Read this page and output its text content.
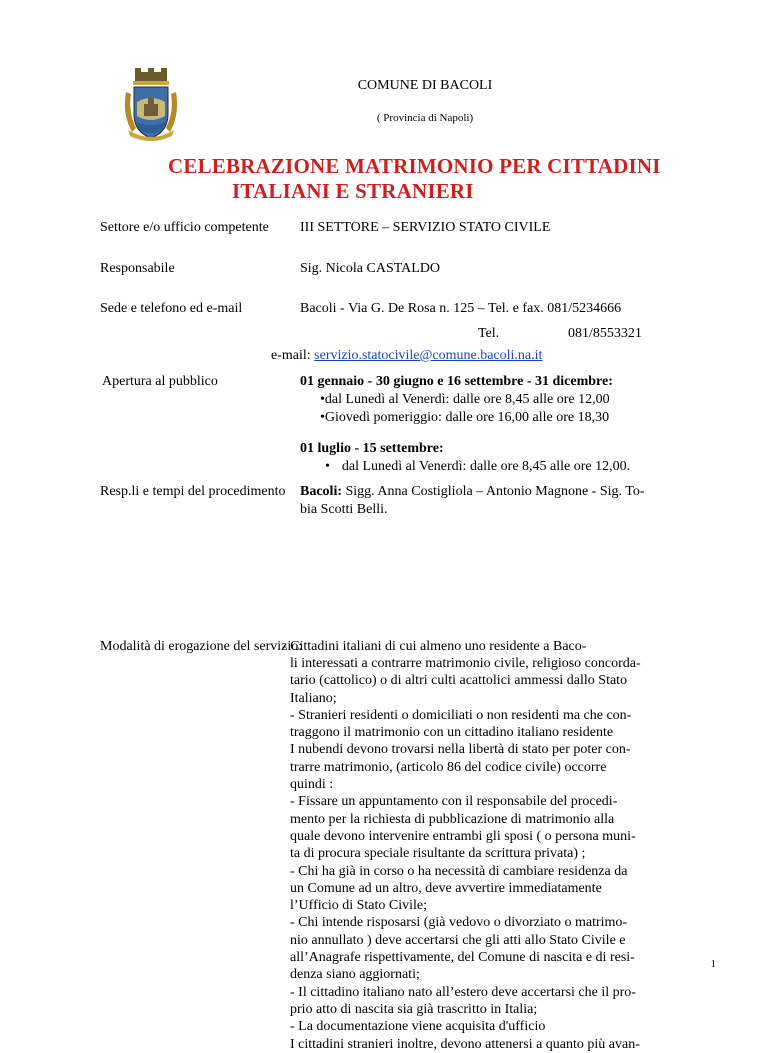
COMUNE DI BACOLI
( Provincia di Napoli)
CELEBRAZIONE MATRIMONIO PER CITTADINI
ITALIANI E STRANIERI
Settore e/o ufficio competente III SETTORE – SERVIZIO STATO CIVILE
Responsabile	Sig. Nicola CASTALDO
Sede e telefono ed e-mail	Bacoli - Via G. De Rosa n. 125 – Tel. e fax. 081/5234666
Tel.	081/8553321
e-mail: servizio.statocivile@comune.bacoli.na.it
Apertura al pubblico	01 gennaio - 30 giugno e 16 settembre - 31 dicembre:
•dal Lunedì al Venerdì: dalle ore 8,45 alle ore 12,00
•Giovedì pomeriggio: dalle ore 16,00 alle ore 18,30
01 luglio - 15 settembre:
• dal Lunedì al Venerdì: dalle ore 8,45 alle ore 12,00.
Resp.li e tempi del procedimento Bacoli: Sigg. Anna Costigliola – Antonio Magnone - Sig. To-
bia Scotti Belli.
Modalità di erogazione del servizio:
- Cittadini italiani di cui almeno uno residente a Baco-
li interessati a contrarre matrimonio civile, religioso concorda-
tario (cattolico) o di altri culti acattolici ammessi dallo Stato
Italiano;
- Stranieri residenti o domiciliati o non residenti ma che con-
traggono il matrimonio con un cittadino italiano residente
I nubendi devono trovarsi nella libertà di stato per poter con-
trarre matrimonio, (articolo 86 del codice civile) occorre
quindi :
- Fissare un appuntamento con il responsabile del procedi-
mento per la richiesta di pubblicazione di matrimonio alla
quale devono intervenire entrambi gli sposi ( o persona muni-
ta di procura speciale risultante da scrittura privata) ;
- Chi ha già in corso o ha necessità di cambiare residenza da
un Comune ad un altro, deve avvertire immediatamente
l’Ufficio di Stato Civile;
- Chi intende risposarsi (già vedovo o divorziato o matrimo-
nio annullato ) deve accertarsi che gli atti allo Stato Civile e
all’Anagrafe rispettivamente, del Comune di nascita e di resi-
denza siano aggiornati;
- Il cittadino italiano nato all’estero deve accertarsi che il pro-
prio atto di nascita sia già trascritto in Italia;
- La documentazione viene acquisita d'ufficio
I cittadini stranieri inoltre, devono attenersi a quanto più avan-
1
